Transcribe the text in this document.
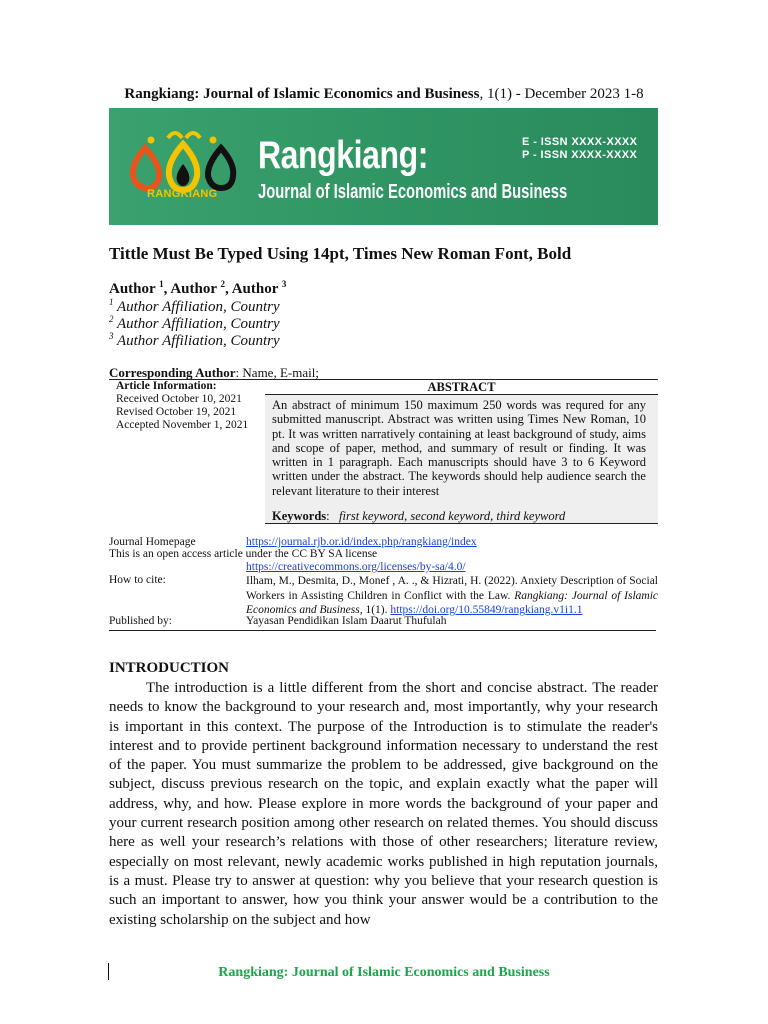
Rangkiang: Journal of Islamic Economics and Business, 1(1) - December 2023 1-8
RANGKIANG
Rangkiang:
Journal of Islamic Economics and Business
E - ISSN XXXX-XXXX
P - ISSN XXXX-XXXX
Tittle Must Be Typed Using 14pt, Times New Roman Font, Bold
Author $^1$, Author $^2$, Author $^3$
$^1$ Author Affiliation, Country
$^2$ Author Affiliation, Country
$^3$ Author Affiliation, Country
Corresponding Author: Name, E-mail;
Article Information:
Received October 10, 2021
Revised October 19, 2021
Accepted November 1, 2021
ABSTRACT
An abstract of minimum 150 maximum 250 words was requred for any submitted manuscript. Abstract was written using Times New Roman, 10 pt. It was written narratively containing at least background of study, aims and scope of paper, method, and summary of result or finding. It was written in 1 paragraph. Each manuscripts should have 3 to 6 Keyword written under the abstract. The keywords should help audience search the relevant literature to their interest
Keywords:   first keyword, second keyword, third keyword
Journal Homepage	https://journal.rjb.or.id/index.php/rangkiang/index
This is an open access article under the CC BY SA license
https://creativecommons.org/licenses/by-sa/4.0/
How to cite:	Ilham, M., Desmita, D., Monef , A. ., & Hizrati, H. (2022). Anxiety Description of Social Workers in Assisting Children in Conflict with the Law. Rangkiang: Journal of Islamic Economics and Business, 1(1). https://doi.org/10.55849/rangkiang.v1i1.1
Published by:	Yayasan Pendidikan Islam Daarut Thufulah
INTRODUCTION
The introduction is a little different from the short and concise abstract. The reader needs to know the background to your research and, most importantly, why your research is important in this context. The purpose of the Introduction is to stimulate the reader's interest and to provide pertinent background information necessary to understand the rest of the paper. You must summarize the problem to be addressed, give background on the subject, discuss previous research on the topic, and explain exactly what the paper will address, why, and how. Please explore in more words the background of your paper and your current research position among other research on related themes. You should discuss here as well your research’s relations with those of other researchers; literature review, especially on most relevant, newly academic works published in high reputation journals, is a must. Please try to answer at question: why you believe that your research question is such an important to answer, how you think your answer would be a contribution to the existing scholarship on the subject and how
Rangkiang: Journal of Islamic Economics and Business
